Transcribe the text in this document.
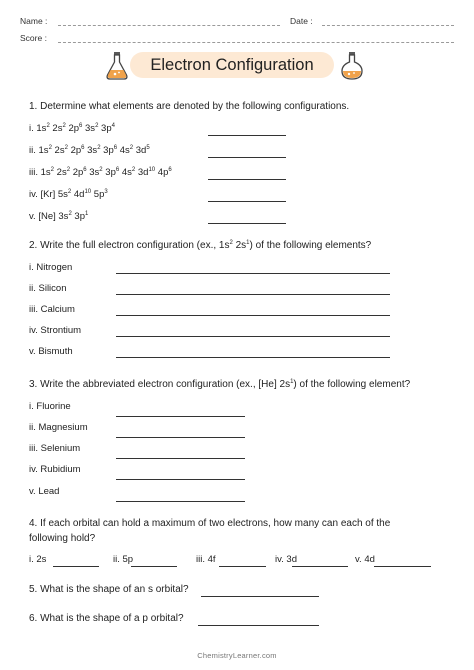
Name :	Date :
Score :
Electron Configuration
1. Determine what elements are denoted by the following configurations.
i. $1s^2$ $2s^2$ $2p^6$ $3s^2$ $3p^4$
ii. $1s^2$ $2s^2$ $2p^6$ $3s^2$ $3p^6$ $4s^2$ $3d^5$
iii. $1s^2$ $2s^2$ $2p^6$ $3s^2$ $3p^6$ $4s^2$ $3d^{10}$ $4p^6$
iv. [Kr] $5s^2$ $4d^{10}$ $5p^3$
v. [Ne] $3s^2$ $3p^1$
2. Write the full electron configuration (ex., $1s^2$ $2s^1$) of the following elements?
i. Nitrogen
ii. Silicon
iii. Calcium
iv. Strontium
v. Bismuth
3. Write the abbreviated electron configuration (ex., [He] $2s^1$) of the following element?
i. Fluorine
ii. Magnesium
iii. Selenium
iv. Rubidium
v. Lead
4. If each orbital can hold a maximum of two electrons, how many can each of the
following hold?
i. 2s	ii. 5p	iii. 4f	iv. 3d	v. 4d
5. What is the shape of an s orbital?
6. What is the shape of a p orbital?
ChemistryLearner.com
